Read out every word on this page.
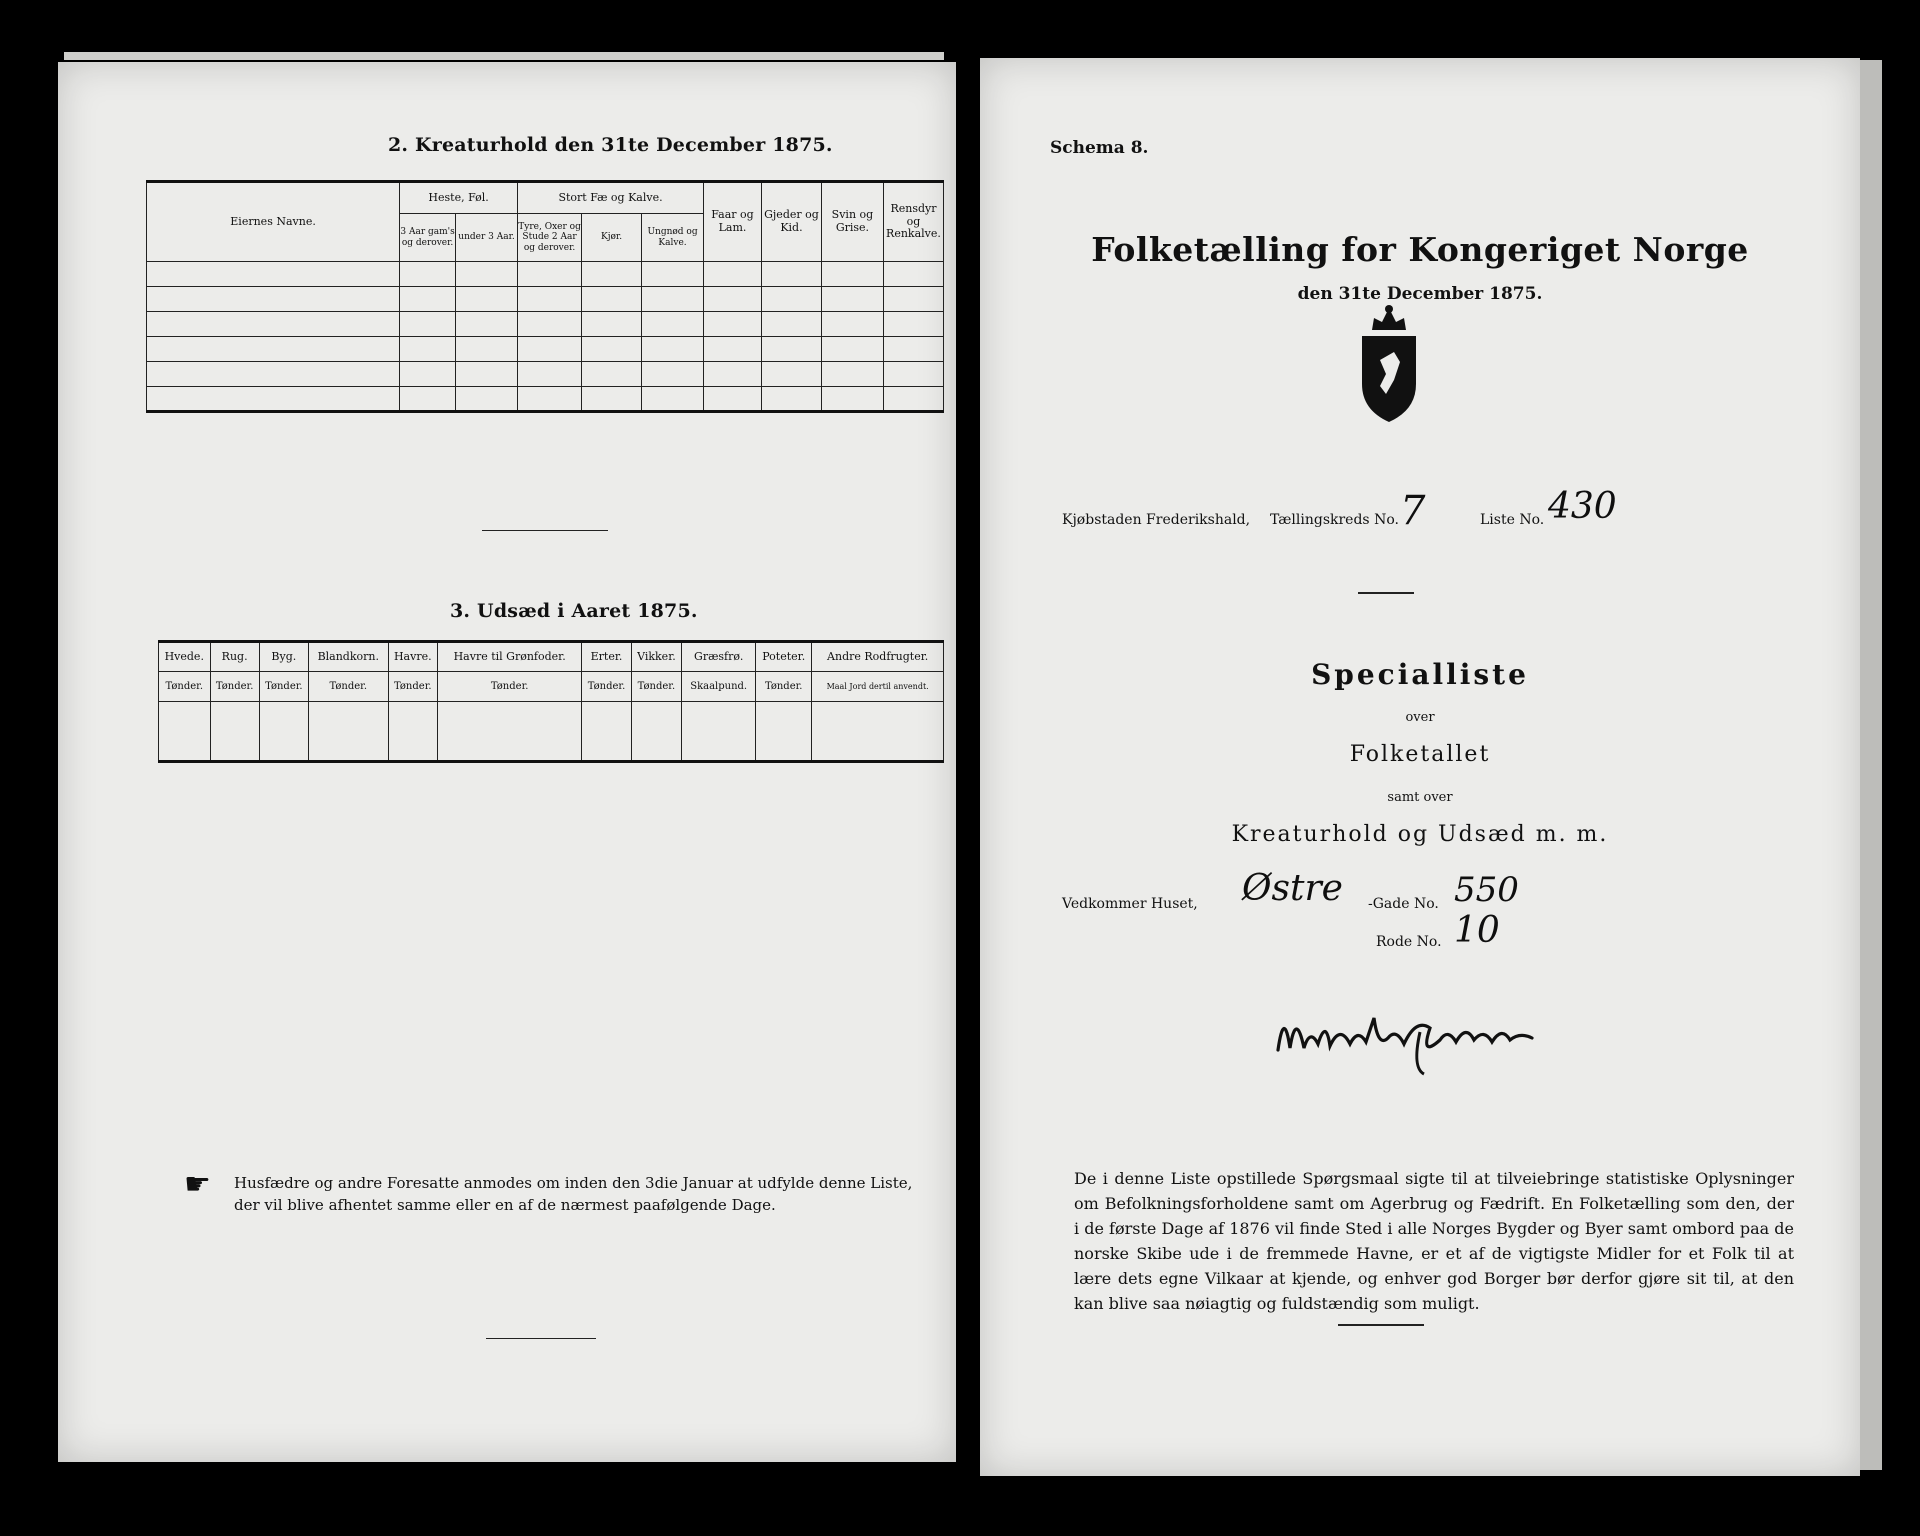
2. Kreaturhold den 31te December 1875.
Eiernes Navne.	Heste, Føl.		Stort Fæ og Kalve.			Faar og Lam.	Gjeder og Kid.	Svin og Grise.	Rensdyr og Renkalve.
	3 Aar gam's og derover.	under 3 Aar.	Tyre, Oxer og Stude 2 Aar og derover.	Kjør.	Ungnød og Kalve.				

3. Udsæd i Aaret 1875.
Hvede.	Rug.	Byg.	Blandkorn.	Havre.	Havre til Grønfoder.	Erter.	Vikker.	Græsfrø.	Poteter.	Andre Rodfrugter.
Tønder.	Tønder.	Tønder.	Tønder.	Tønder.	Tønder.	Tønder.	Tønder.	Skaalpund.	Tønder.	Maal Jord dertil anvendt.

☛ Husfædre og andre Foresatte anmodes om inden den 3die Januar at udfylde denne Liste, der vil blive afhentet samme eller en af de nærmest paafølgende Dage.
Schema 8.
Folketælling for Kongeriget Norge
den 31te December 1875.
Kjøbstaden Frederikshald, Tællingskreds No. 7	Liste No. 430
Specialliste
over
Folketallet
samt over
Kreaturhold og Udsæd m. m.
Vedkommer Huset, Østre -Gade No. 550
Rode No. 10
De i denne Liste opstillede Spørgsmaal sigte til at tilveiebringe statistiske Oplysninger om Befolkningsforholdene samt om Agerbrug og Fædrift. En Folketælling som den, der i de første Dage af 1876 vil finde Sted i alle Norges Bygder og Byer samt ombord paa de norske Skibe ude i de fremmede Havne, er et af de vigtigste Midler for et Folk til at lære dets egne Vilkaar at kjende, og enhver god Borger bør derfor gjøre sit til, at den kan blive saa nøiagtig og fuldstændig som muligt.
